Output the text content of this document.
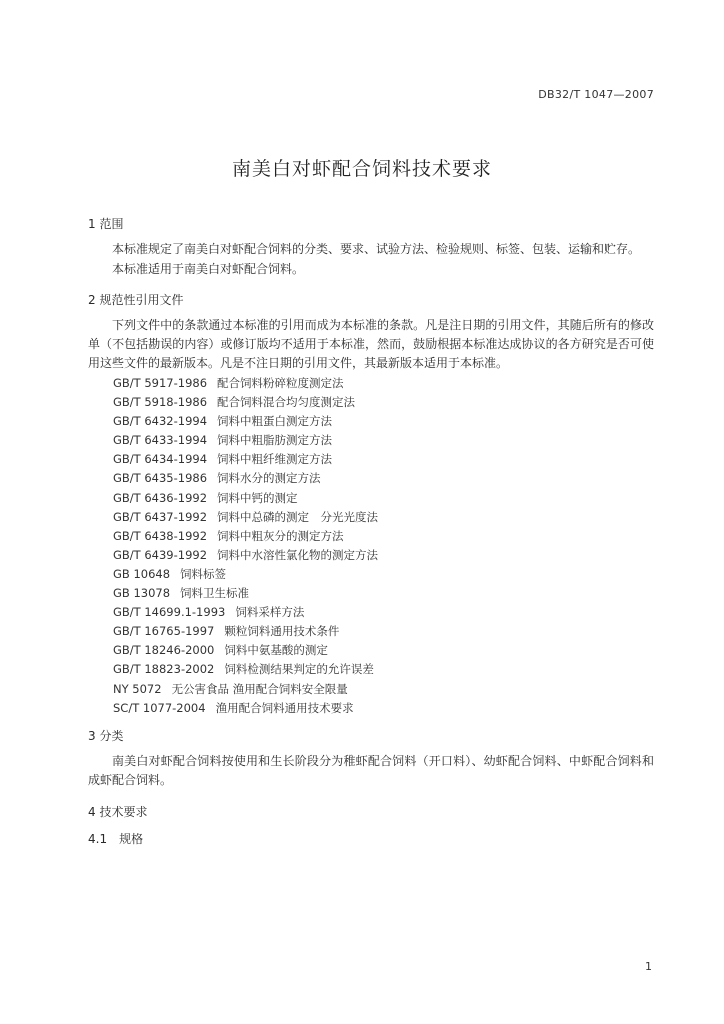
DB32/T 1047—2007
南美白对虾配合饲料技术要求
1 范围

本标准规定了南美白对虾配合饲料的分类、要求、试验方法、检验规则、标签、包装、运输和贮存。

本标准适用于南美白对虾配合饲料。

2 规范性引用文件

下列文件中的条款通过本标准的引用而成为本标准的条款。凡是注日期的引用文件，其随后所有的修改单（不包括勘误的内容）或修订版均不适用于本标准，然而，鼓励根据本标准达成协议的各方研究是否可使用这些文件的最新版本。凡是不注日期的引用文件，其最新版本适用于本标准。

GB/T 5917-1986 配合饲料粉碎粒度测定法
GB/T 5918-1986 配合饲料混合均匀度测定法
GB/T 6432-1994 饲料中粗蛋白测定方法
GB/T 6433-1994 饲料中粗脂肪测定方法
GB/T 6434-1994 饲料中粗纤维测定方法
GB/T 6435-1986 饲料水分的测定方法
GB/T 6436-1992 饲料中钙的测定
GB/T 6437-1992 饲料中总磷的测定　分光光度法
GB/T 6438-1992 饲料中粗灰分的测定方法
GB/T 6439-1992 饲料中水溶性氯化物的测定方法
GB 10648 饲料标签
GB 13078 饲料卫生标准
GB/T 14699.1-1993 饲料采样方法
GB/T 16765-1997 颗粒饲料通用技术条件
GB/T 18246-2000 饲料中氨基酸的测定
GB/T 18823-2002 饲料检测结果判定的允许误差
NY 5072 无公害食品 渔用配合饲料安全限量
SC/T 1077-2004 渔用配合饲料通用技术要求
3 分类

南美白对虾配合饲料按使用和生长阶段分为稚虾配合饲料（开口料）、幼虾配合饲料、中虾配合饲料和成虾配合饲料。

4 技术要求
4.1　规格
1
